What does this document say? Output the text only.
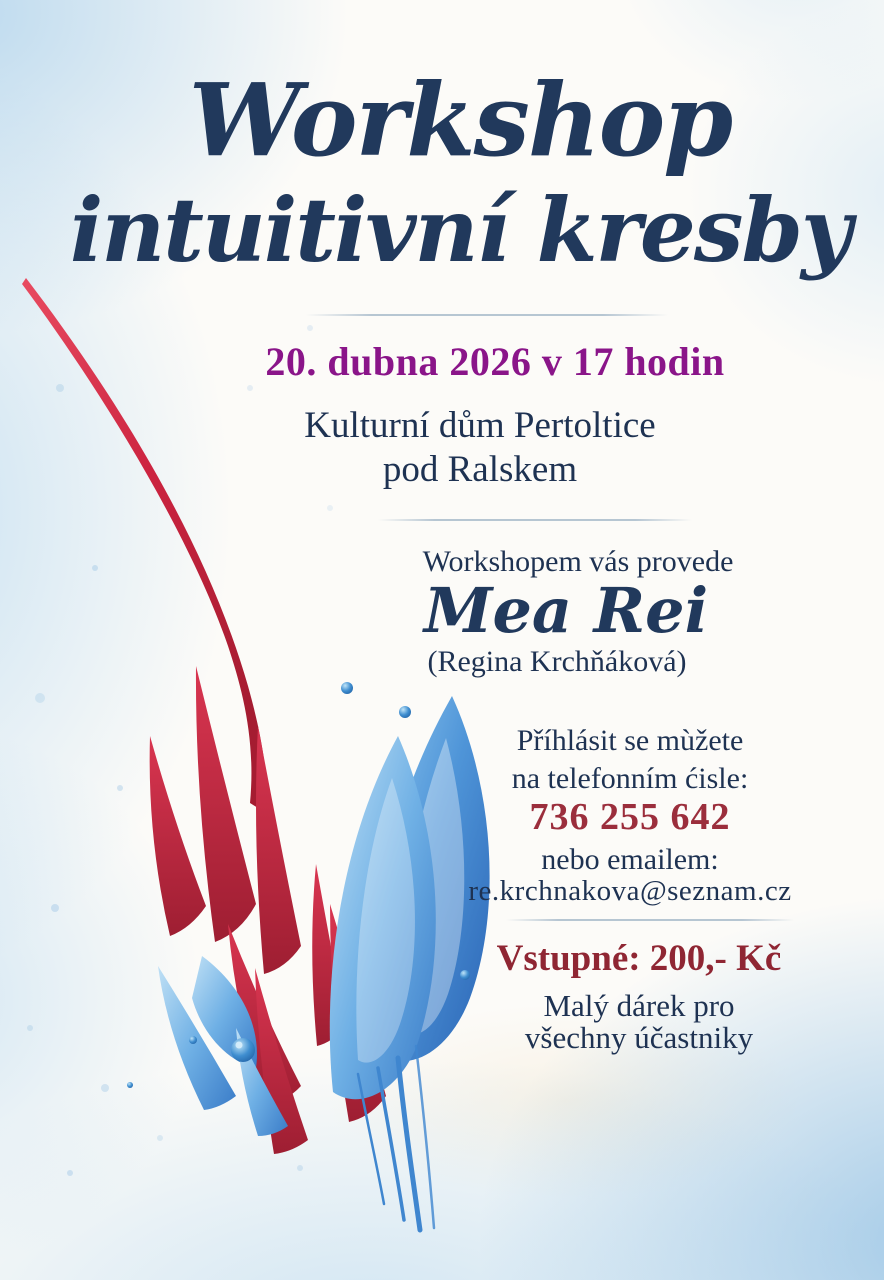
Workshop
intuitivní kresby
20. dubna 2026 v 17 hodin
Kulturní dům Pertoltice
pod Ralskem
Workshopem vás provede
Mea Rei
(Regina Krchňáková)
Příhlásit se mùžete
na telefonním ćisle:
736 255 642
nebo emailem:
re.krchnakova@seznam.cz
Vstupné: 200,- Kč
Malý dárek pro
všechny účastniky
